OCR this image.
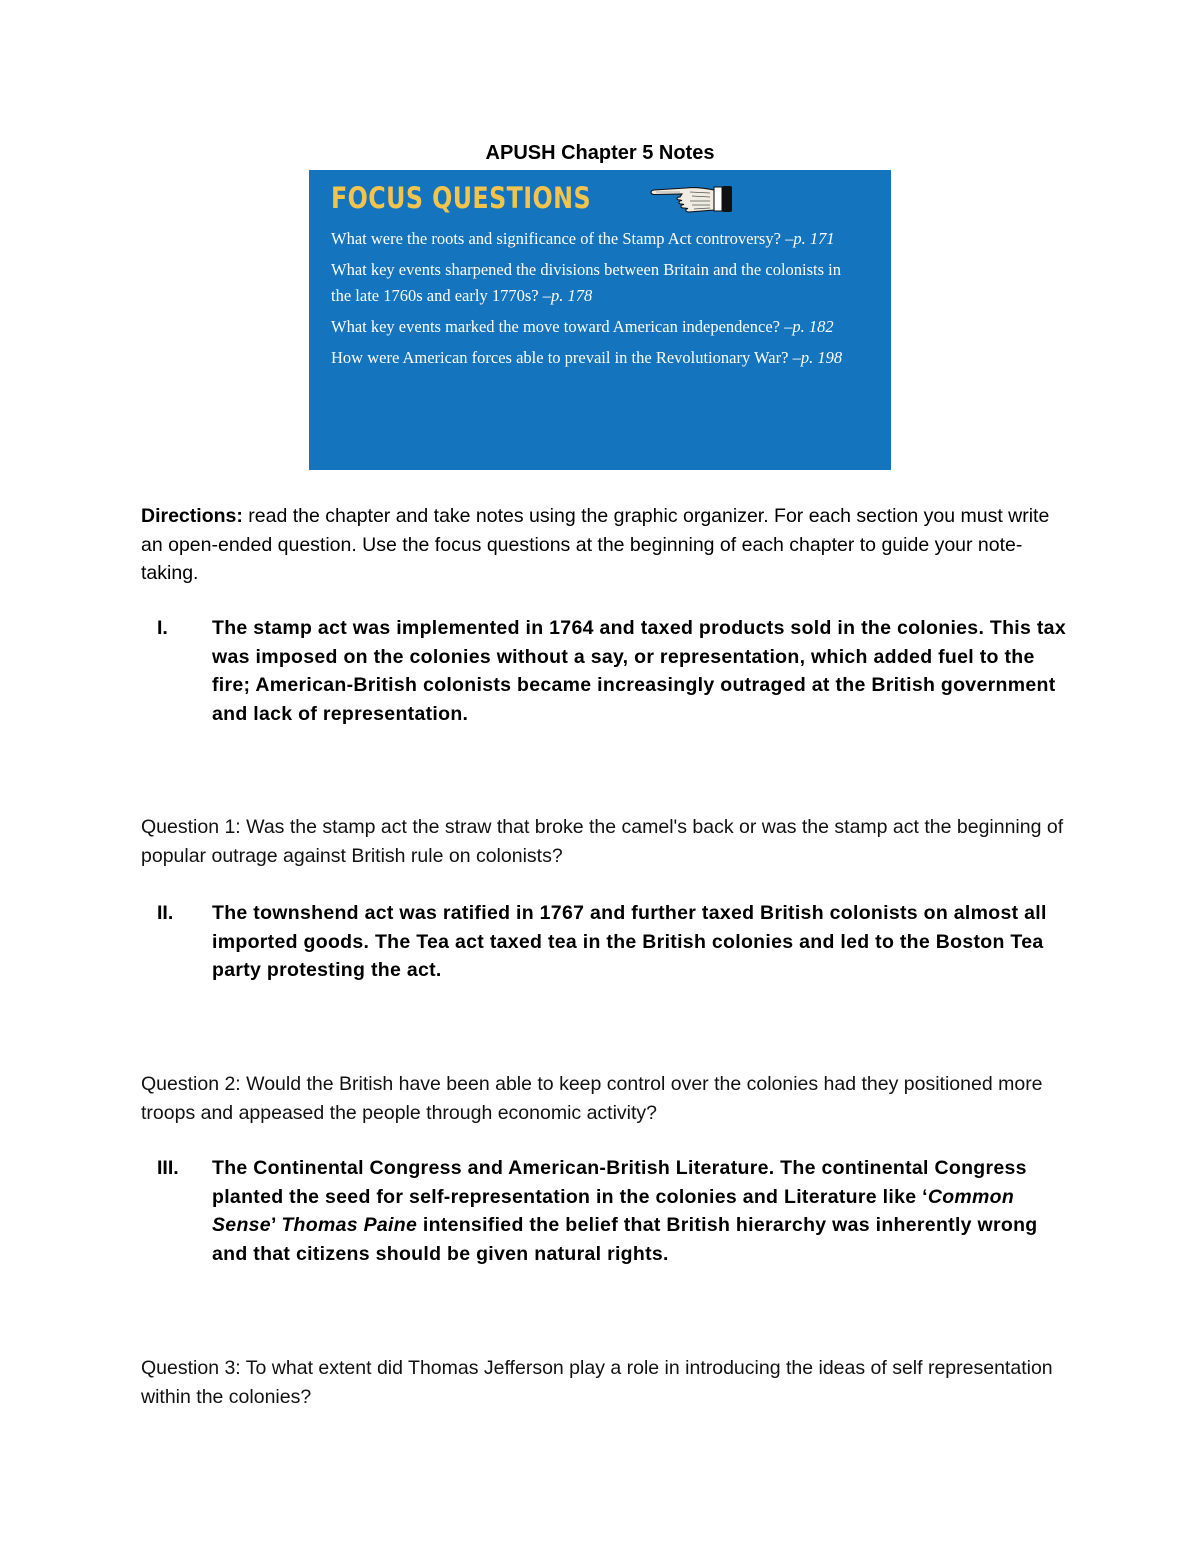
APUSH Chapter 5 Notes
FOCUS QUESTIONS
What were the roots and significance of the Stamp Act controversy? –p. 171
What key events sharpened the divisions between Britain and the colonists in the late 1760s and early 1770s? –p. 178
What key events marked the move toward American independence? –p. 182
How were American forces able to prevail in the Revolutionary War? –p. 198
Directions: read the chapter and take notes using the graphic organizer. For each section you must write an open-ended question. Use the focus questions at the beginning of each chapter to guide your note-taking.
I.	The stamp act was implemented in 1764 and taxed products sold in the colonies. This tax was imposed on the colonies without a say, or representation, which added fuel to the fire; American-British colonists became increasingly outraged at the British government and lack of representation.
Question 1: Was the stamp act the straw that broke the camel's back or was the stamp act the beginning of popular outrage against British rule on colonists?
II.	The townshend act was ratified in 1767 and further taxed British colonists on almost all imported goods. The Tea act taxed tea in the British colonies and led to the Boston Tea party protesting the act.
Question 2: Would the British have been able to keep control over the colonies had they positioned more troops and appeased the people through economic activity?
III.	The Continental Congress and American-British Literature. The continental Congress planted the seed for self-representation in the colonies and Literature like ‘Common Sense’ Thomas Paine intensified the belief that British hierarchy was inherently wrong and that citizens should be given natural rights.
Question 3: To what extent did Thomas Jefferson play a role in introducing the ideas of self representation within the colonies?
